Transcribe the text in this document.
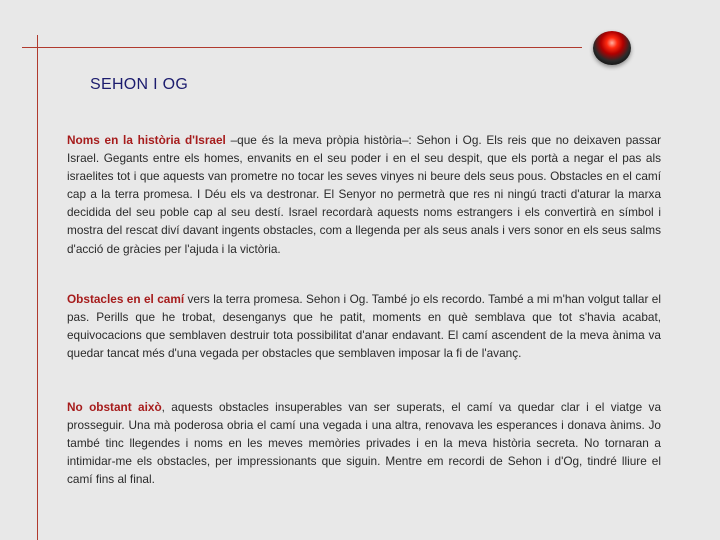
SEHON I OG

Noms en la història d'Israel –que és la meva pròpia història–: Sehon i Og. Els reis que no deixaven passar Israel. Gegants entre els homes, envanits en el seu poder i en el seu despit, que els portà a negar el pas als israelites tot i que aquests van prometre no tocar les seves vinyes ni beure dels seus pous. Obstacles en el camí cap a la terra promesa. I Déu els va destronar. El Senyor no permetrà que res ni ningú tracti d'aturar la marxa decidida del seu poble cap al seu destí. Israel recordarà aquests noms estrangers i els convertirà en símbol i mostra del rescat diví davant ingents obstacles, com a llegenda per als seus anals i vers sonor en els seus salms d'acció de gràcies per l'ajuda i la victòria.

Obstacles en el camí vers la terra promesa. Sehon i Og. També jo els recordo. També a mi m'han volgut tallar el pas. Perills que he trobat, desenganys que he patit, moments en què semblava que tot s'havia acabat, equivocacions que semblaven destruir tota possibilitat d'anar endavant. El camí ascendent de la meva ànima va quedar tancat més d'una vegada per obstacles que semblaven imposar la fi de l'avanç.

No obstant això, aquests obstacles insuperables van ser superats, el camí va quedar clar i el viatge va prosseguir. Una mà poderosa obria el camí una vegada i una altra, renovava les esperances i donava ànims. Jo també tinc llegendes i noms en les meves memòries privades i en la meva història secreta. No tornaran a intimidar-me els obstacles, per impressionants que siguin. Mentre em recordi de Sehon i d'Og, tindré lliure el camí fins al final.
